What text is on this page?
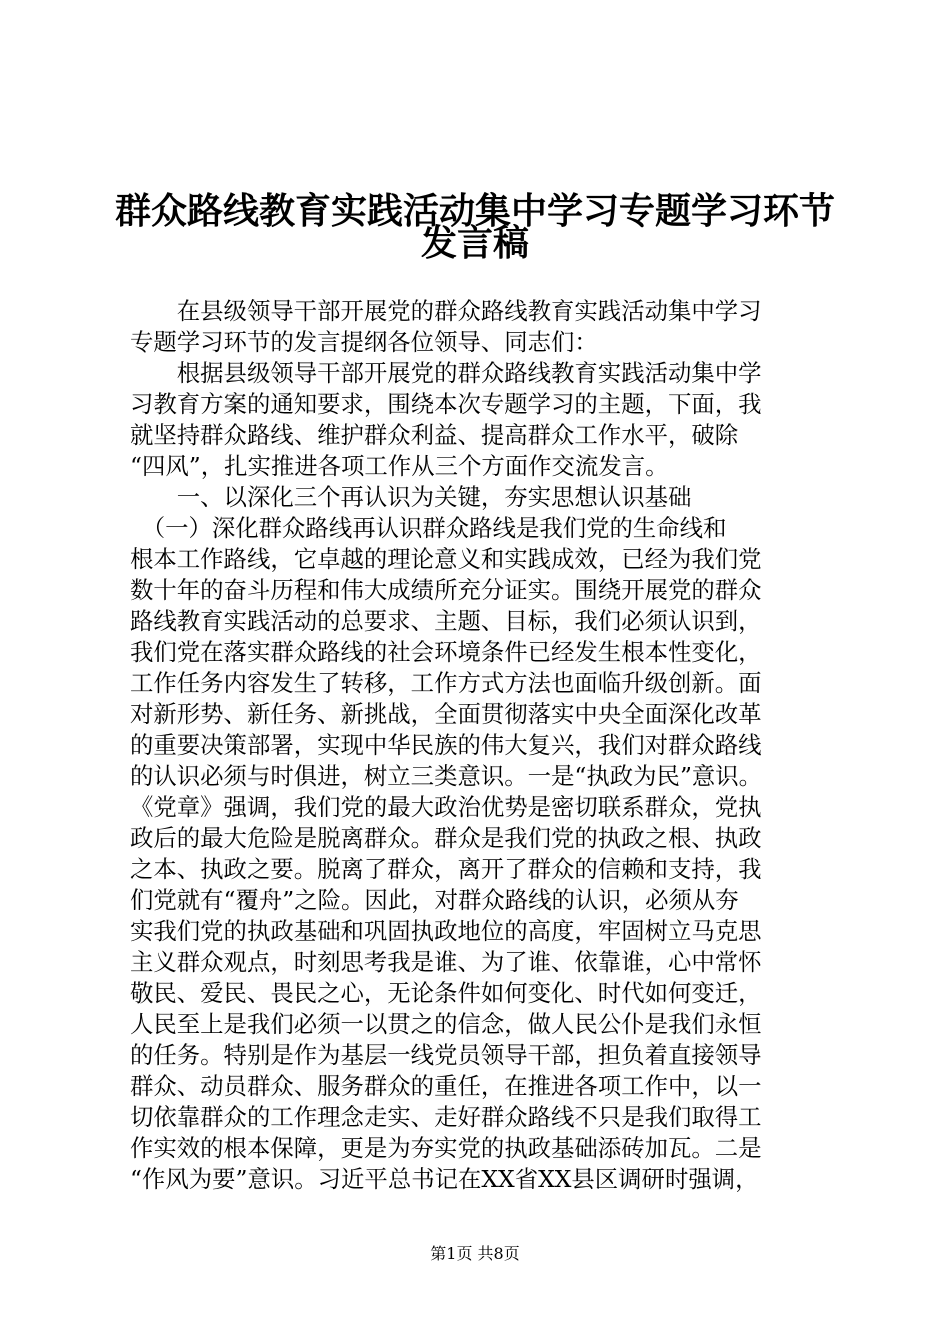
群众路线教育实践活动集中学习专题学习环节
发言稿
　　在县级领导干部开展党的群众路线教育实践活动集中学习
专题学习环节的发言提纲各位领导、同志们：
　　根据县级领导干部开展党的群众路线教育实践活动集中学
习教育方案的通知要求，围绕本次专题学习的主题，下面，我
就坚持群众路线、维护群众利益、提高群众工作水平，破除
“四风”，扎实推进各项工作从三个方面作交流发言。
　　一、以深化三个再认识为关键，夯实思想认识基础
　（一）深化群众路线再认识群众路线是我们党的生命线和
根本工作路线，它卓越的理论意义和实践成效，已经为我们党
数十年的奋斗历程和伟大成绩所充分证实。围绕开展党的群众
路线教育实践活动的总要求、主题、目标，我们必须认识到，
我们党在落实群众路线的社会环境条件已经发生根本性变化，
工作任务内容发生了转移，工作方式方法也面临升级创新。面
对新形势、新任务、新挑战，全面贯彻落实中央全面深化改革
的重要决策部署，实现中华民族的伟大复兴，我们对群众路线
的认识必须与时俱进，树立三类意识。一是“执政为民”意识。
《党章》强调，我们党的最大政治优势是密切联系群众，党执
政后的最大危险是脱离群众。群众是我们党的执政之根、执政
之本、执政之要。脱离了群众，离开了群众的信赖和支持，我
们党就有“覆舟”之险。因此，对群众路线的认识，必须从夯
实我们党的执政基础和巩固执政地位的高度，牢固树立马克思
主义群众观点，时刻思考我是谁、为了谁、依靠谁，心中常怀
敬民、爱民、畏民之心，无论条件如何变化、时代如何变迁，
人民至上是我们必须一以贯之的信念，做人民公仆是我们永恒
的任务。特别是作为基层一线党员领导干部，担负着直接领导
群众、动员群众、服务群众的重任，在推进各项工作中，以一
切依靠群众的工作理念走实、走好群众路线不只是我们取得工
作实效的根本保障，更是为夯实党的执政基础添砖加瓦。二是
“作风为要”意识。习近平总书记在XX省XX县区调研时强调，
第1页 共8页
